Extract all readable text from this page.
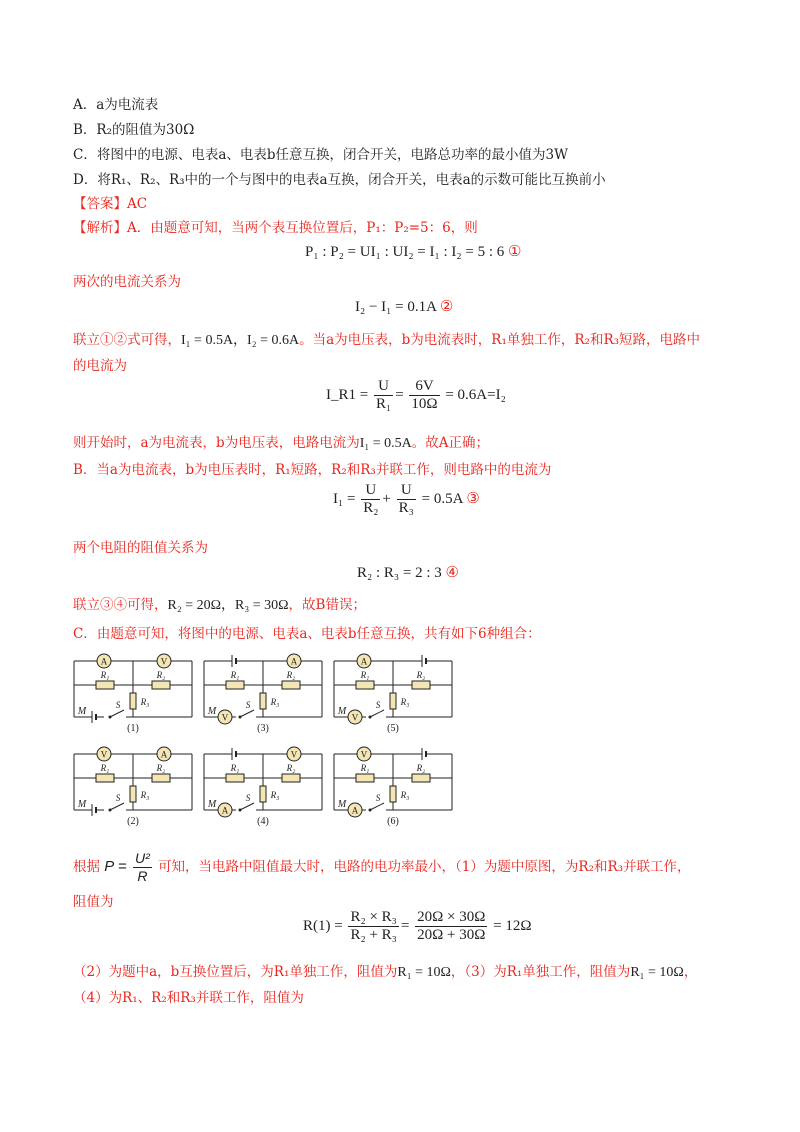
A．a为电流表
B．R₂的阻值为30Ω
C．将图中的电源、电表a、电表b任意互换，闭合开关，电路总功率的最小值为3W
D．将R₁、R₂、R₃中的一个与图中的电表a互换，闭合开关，电表a的示数可能比互换前小
【答案】AC
【解析】A．由题意可知，当两个表互换位置后，P₁：P₂=5：6，则
P₁ : P₂ = UI₁ : UI₂ = I₁ : I₂ = 5 : 6 ①
两次的电流关系为
I₂ − I₁ = 0.1A ②
联立①②式可得，I₁ = 0.5A，I₂ = 0.6A。当a为电压表，b为电流表时，R₁单独工作，R₂和R₃短路，电路中
的电流为
I_R1 = $\frac{U}{\text{R₁}} = \frac{6V}{10\Omega} = 0.6A=I_2$
则开始时，a为电流表，b为电压表，电路电流为I₁ = 0.5A。故A正确；
B．当a为电流表，b为电压表时，R₁短路，R₂和R₃并联工作，则电路中的电流为
$I_1 = \frac{U}{\text{R₂}} + \frac{U}{\text{R₃}} = 0.5A$ ③
两个电阻的阻值关系为
R₂ : R₃ = 2 : 3 ④
联立③④可得，R₂ = 20Ω，R₃ = 30Ω，故B错误；
C．由题意可知，将图中的电源、电表a、电表b任意互换，共有如下6种组合：
A	V
R₁	R₂
R₃
M
S
(1)
V	A
R₁	R₂
R₃
M
S
(2)
A
R₁	R₂
R₃
M
V
S
(3)
V
R₁	R₂
R₃
M
A
S
(4)
A
R₁	R₂
R₃
M
V
S
(5)
V
R₁	R₂
R₃
M
A
S
(6)
根据 $P = \frac{\text{U²}}{R}$ 可知，当电路中阻值最大时，电路的电功率最小，（1）为题中原图，为R₂和R₃并联工作，
阻值为
$R(1) = \frac{\text{R₂ × R₃}}{\text{R₂ + R₃}} = \frac{20\Omega \times 30\Omega}{20\Omega + 30\Omega} = 12\Omega$
（2）为题中a，b互换位置后，为R₁单独工作，阻值为R₁ = 10Ω，（3）为R₁单独工作，阻值为R₁ = 10Ω，
（4）为R₁、R₂和R₃并联工作，阻值为
